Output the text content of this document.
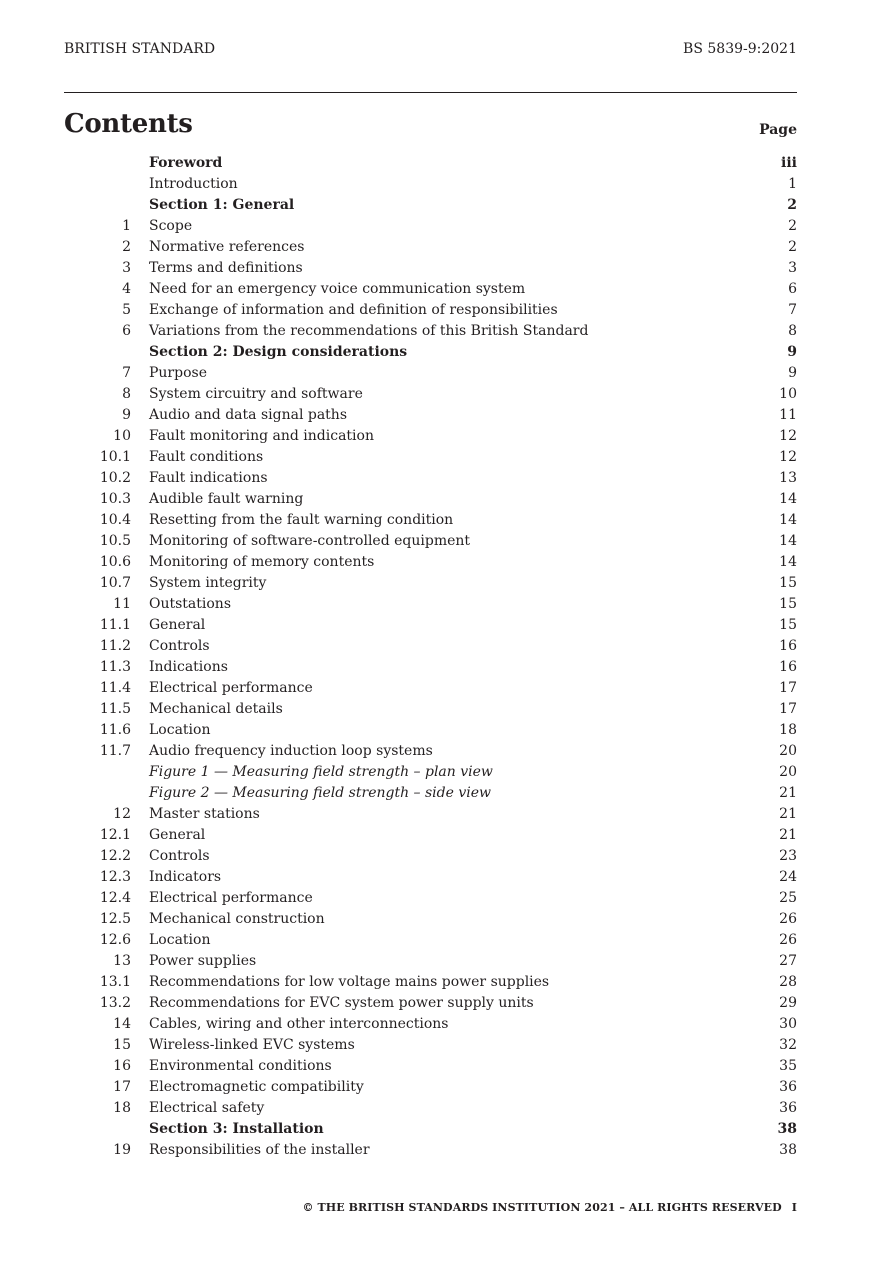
BRITISH STANDARD	BS 5839-9:2021
Contents	Page
Foreword	iii
Introduction	1
Section 1: General	2
1 Scope	2
2 Normative references	2
3 Terms and definitions	3
4 Need for an emergency voice communication system	6
5 Exchange of information and definition of responsibilities	7
6 Variations from the recommendations of this British Standard	8
Section 2: Design considerations	9
7 Purpose	9
8 System circuitry and software	10
9 Audio and data signal paths	11
10 Fault monitoring and indication	12
10.1 Fault conditions	12
10.2 Fault indications	13
10.3 Audible fault warning	14
10.4 Resetting from the fault warning condition	14
10.5 Monitoring of software-controlled equipment	14
10.6 Monitoring of memory contents	14
10.7 System integrity	15
11 Outstations	15
11.1 General	15
11.2 Controls	16
11.3 Indications	16
11.4 Electrical performance	17
11.5 Mechanical details	17
11.6 Location	18
11.7 Audio frequency induction loop systems	20
Figure 1 — Measuring field strength – plan view	20
Figure 2 — Measuring field strength – side view	21
12 Master stations	21
12.1 General	21
12.2 Controls	23
12.3 Indicators	24
12.4 Electrical performance	25
12.5 Mechanical construction	26
12.6 Location	26
13 Power supplies	27
13.1 Recommendations for low voltage mains power supplies	28
13.2 Recommendations for EVC system power supply units	29
14 Cables, wiring and other interconnections	30
15 Wireless-linked EVC systems	32
16 Environmental conditions	35
17 Electromagnetic compatibility	36
18 Electrical safety	36
Section 3: Installation	38
19 Responsibilities of the installer	38
© THE BRITISH STANDARDS INSTITUTION 2021 – ALL RIGHTS RESERVED I
